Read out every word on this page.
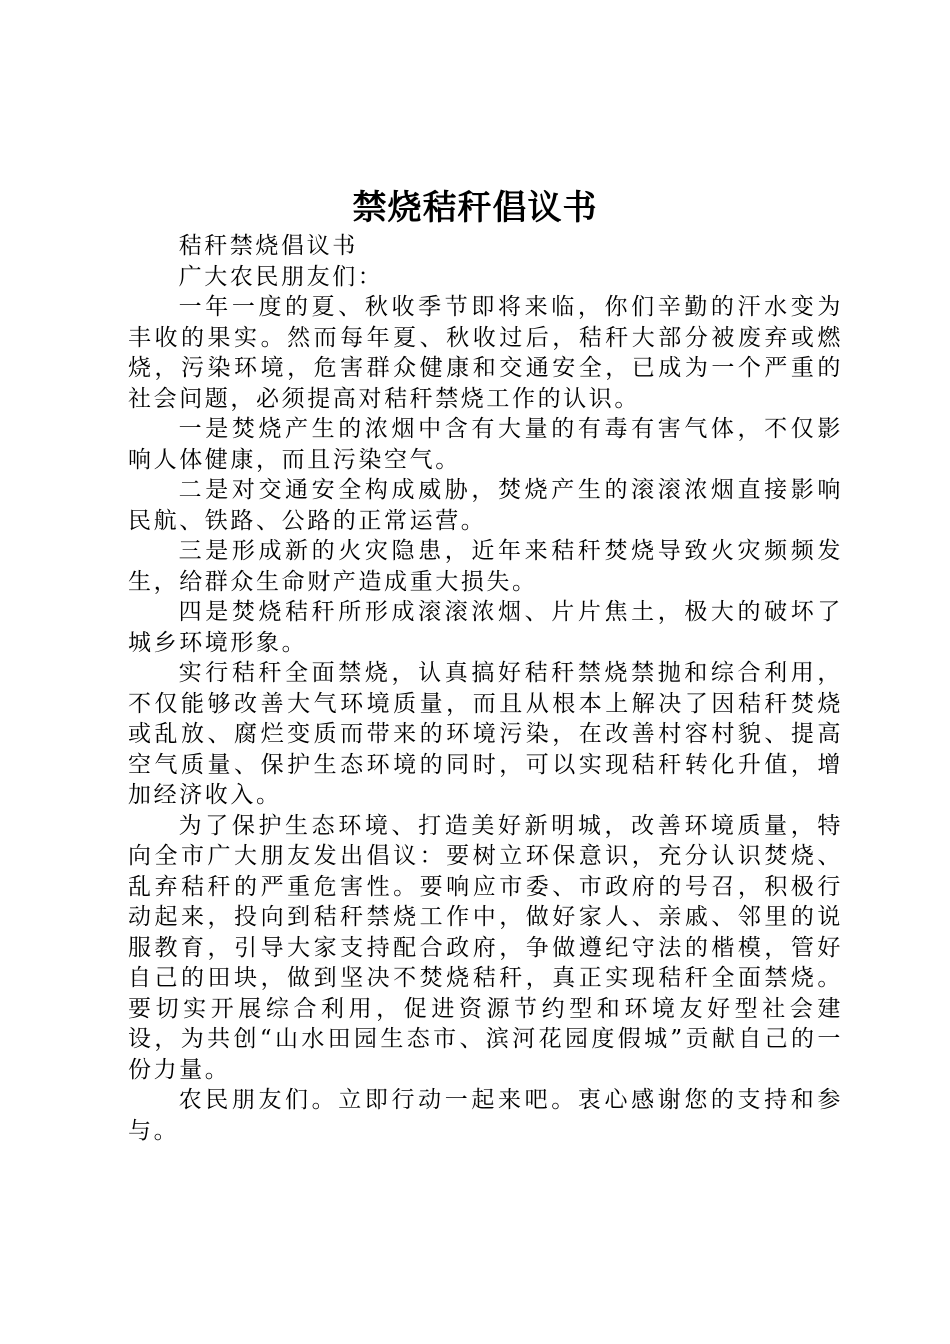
禁烧秸秆倡议书

秸秆禁烧倡议书

广大农民朋友们：

一年一度的夏、秋收季节即将来临，你们辛勤的汗水变为丰收的果实。然而每年夏、秋收过后，秸秆大部分被废弃或燃烧，污染环境，危害群众健康和交通安全，已成为一个严重的社会问题，必须提高对秸秆禁烧工作的认识。

一是焚烧产生的浓烟中含有大量的有毒有害气体，不仅影响人体健康，而且污染空气。

二是对交通安全构成威胁，焚烧产生的滚滚浓烟直接影响民航、铁路、公路的正常运营。

三是形成新的火灾隐患，近年来秸秆焚烧导致火灾频频发生，给群众生命财产造成重大损失。

四是焚烧秸秆所形成滚滚浓烟、片片焦土，极大的破坏了城乡环境形象。

实行秸秆全面禁烧，认真搞好秸秆禁烧禁抛和综合利用，不仅能够改善大气环境质量，而且从根本上解决了因秸秆焚烧或乱放、腐烂变质而带来的环境污染，在改善村容村貌、提高空气质量、保护生态环境的同时，可以实现秸秆转化升值，增加经济收入。

为了保护生态环境、打造美好新明城，改善环境质量，特向全市广大朋友发出倡议：要树立环保意识，充分认识焚烧、乱弃秸秆的严重危害性。要响应市委、市政府的号召，积极行动起来，投向到秸秆禁烧工作中，做好家人、亲戚、邻里的说服教育，引导大家支持配合政府，争做遵纪守法的楷模，管好自己的田块，做到坚决不焚烧秸秆，真正实现秸秆全面禁烧。要切实开展综合利用，促进资源节约型和环境友好型社会建设，为共创“山水田园生态市、滨河花园度假城”贡献自己的一份力量。

农民朋友们。立即行动一起来吧。衷心感谢您的支持和参与。
